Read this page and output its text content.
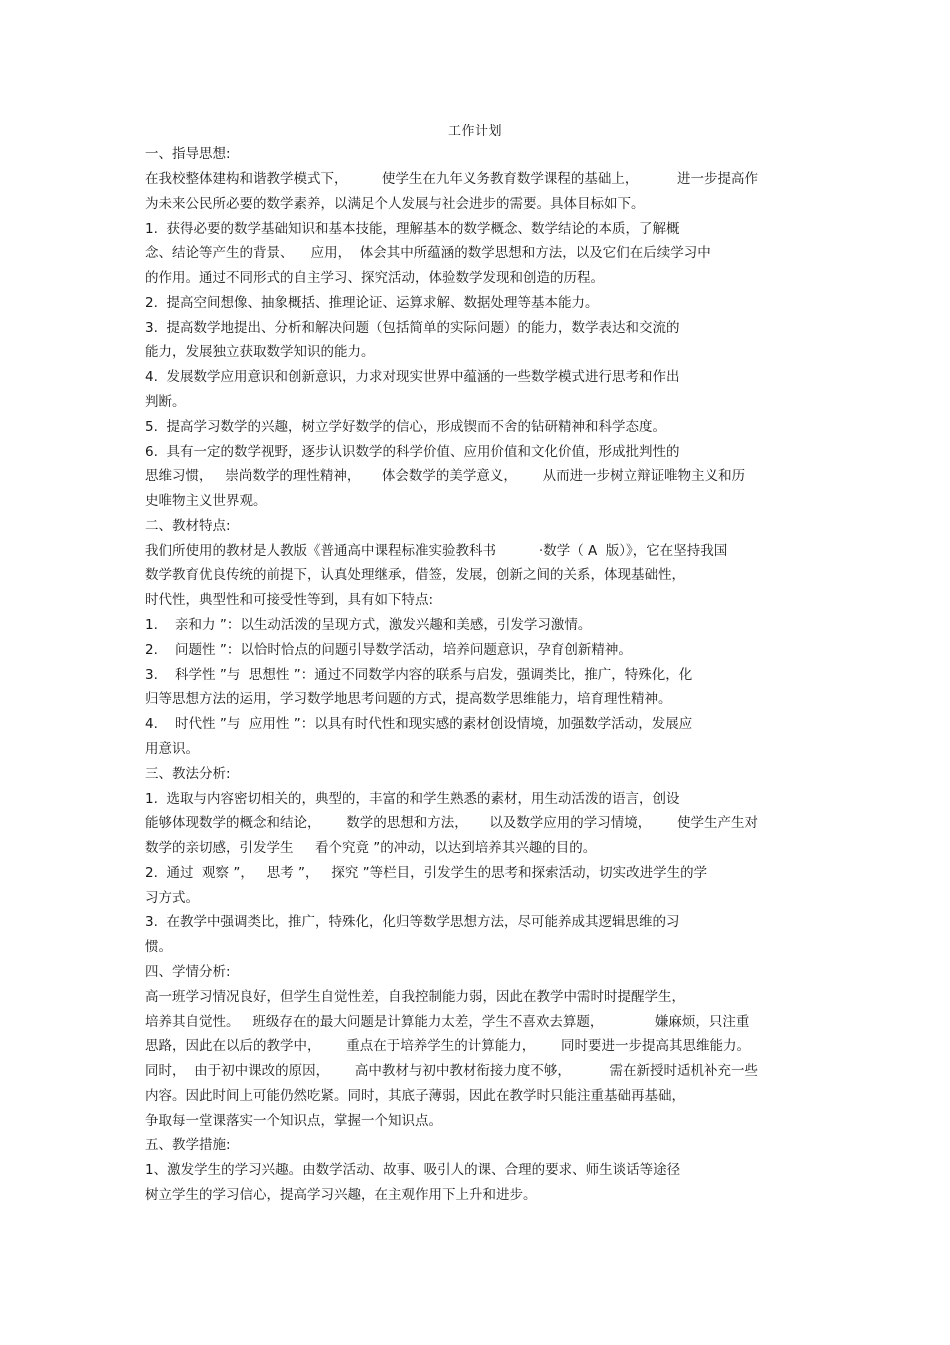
工作计划
一、指导思想:
在我校整体建构和谐教学模式下，        使学生在九年义务教育数学课程的基础上，         进一步提高作
为未来公民所必要的数学素养，以满足个人发展与社会进步的需要。具体目标如下。
1.  获得必要的数学基础知识和基本技能，理解基本的数学概念、数学结论的本质，了解概
念、结论等产生的背景、    应用，  体会其中所蕴涵的数学思想和方法，以及它们在后续学习中
的作用。通过不同形式的自主学习、探究活动，体验数学发现和创造的历程。
2.  提高空间想像、抽象概括、推理论证、运算求解、数据处理等基本能力。
3.  提高数学地提出、分析和解决问题（包括简单的实际问题）的能力，数学表达和交流的
能力，发展独立获取数学知识的能力。
4.  发展数学应用意识和创新意识，力求对现实世界中蕴涵的一些数学模式进行思考和作出
判断。
5.  提高学习数学的兴趣，树立学好数学的信心，形成锲而不舍的钻研精神和科学态度。
6.  具有一定的数学视野，逐步认识数学的科学价值、应用价值和文化价值，形成批判性的
思维习惯，   崇尚数学的理性精神，     体会数学的美学意义，      从而进一步树立辩证唯物主义和历
史唯物主义世界观。
二、教材特点:
我们所使用的教材是人教版《普通高中课程标准实验教科书          ·数学（ A  版）》，它在坚持我国
数学教育优良传统的前提下，认真处理继承，借签，发展，创新之间的关系，体现基础性，
时代性，典型性和可接受性等到，具有如下特点:
1.    亲和力 ”：以生动活泼的呈现方式，激发兴趣和美感，引发学习激情。
2.    问题性 ”：以恰时恰点的问题引导数学活动，培养问题意识，孕育创新精神。
3.    科学性 ”与  思想性 ”：通过不同数学内容的联系与启发，强调类比，推广，特殊化，化
归等思想方法的运用，学习数学地思考问题的方式，提高数学思维能力，培育理性精神。
4.    时代性 ”与  应用性 ”：以具有时代性和现实感的素材创设情境，加强数学活动，发展应
用意识。
三、教法分析:
1.  选取与内容密切相关的，典型的，丰富的和学生熟悉的素材，用生动活泼的语言，创设
能够体现数学的概念和结论，      数学的思想和方法，     以及数学应用的学习情境，      使学生产生对
数学的亲切感，引发学生     看个究竟 ”的冲动，以达到培养其兴趣的目的。
2.  通过  观察 ”，   思考 ”，   探究 ”等栏目，引发学生的思考和探索活动，切实改进学生的学
习方式。
3.  在教学中强调类比，推广，特殊化，化归等数学思想方法，尽可能养成其逻辑思维的习
惯。
四、学情分析:
高一班学习情况良好，但学生自觉性差，自我控制能力弱，因此在教学中需时时提醒学生，
培养其自觉性。   班级存在的最大问题是计算能力太差，学生不喜欢去算题，            嫌麻烦，只注重
思路，因此在以后的教学中，      重点在于培养学生的计算能力，      同时要进一步提高其思维能力。
同时，  由于初中课改的原因，      高中教材与初中教材衔接力度不够，         需在新授时适机补充一些
内容。因此时间上可能仍然吃紧。同时，其底子薄弱，因此在教学时只能注重基础再基础，
争取每一堂课落实一个知识点，掌握一个知识点。
五、教学措施:
1、激发学生的学习兴趣。由数学活动、故事、吸引人的课、合理的要求、师生谈话等途径
树立学生的学习信心，提高学习兴趣，在主观作用下上升和进步。
